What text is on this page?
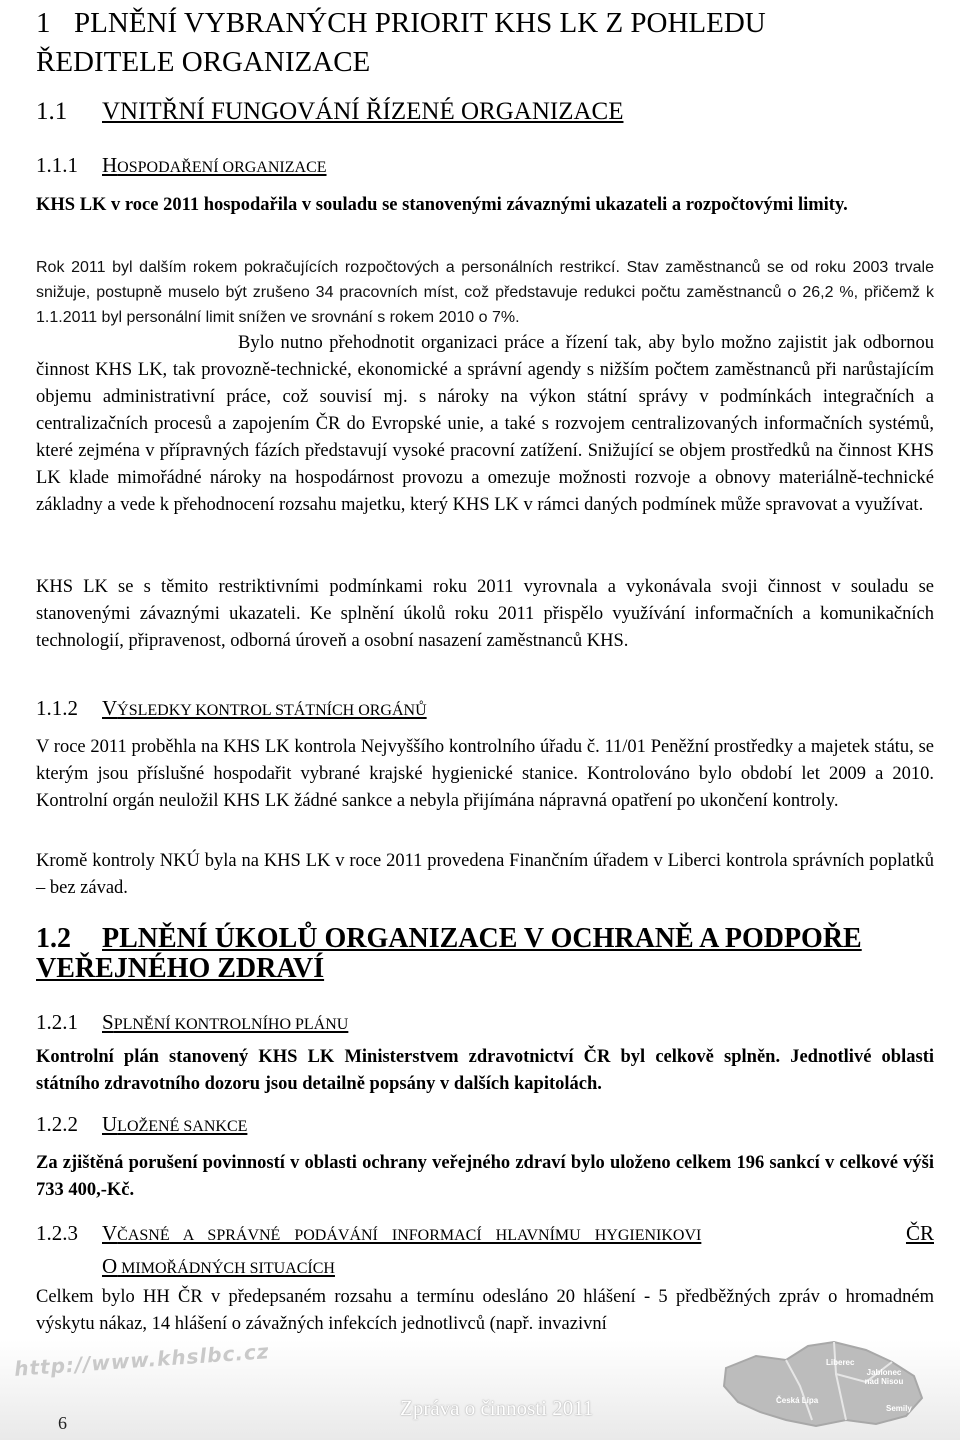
1 PLNĚNÍ VYBRANÝCH PRIORIT KHS LK Z POHLEDU
ŘEDITELE ORGANIZACE
1.1 VNITŘNÍ FUNGOVÁNÍ ŘÍZENÉ ORGANIZACE
1.1.1 HOSPODAŘENÍ ORGANIZACE

KHS LK v roce 2011 hospodařila v souladu se stanovenými závaznými ukazateli a rozpočtovými limity.

Rok 2011 byl dalším rokem pokračujících rozpočtových a personálních restrikcí. Stav zaměstnanců se od roku 2003 trvale snižuje, postupně muselo být zrušeno 34 pracovních míst, což představuje redukci počtu zaměstnanců o 26,2 %, přičemž k 1.1.2011 byl personální limit snížen ve srovnání s rokem 2010 o 7%.

Bylo nutno přehodnotit organizaci práce a řízení tak, aby bylo možno zajistit jak odbornou činnost KHS LK, tak provozně-technické, ekonomické a správní agendy s nižším počtem zaměstnanců při narůstajícím objemu administrativní práce, což souvisí mj. s nároky na výkon státní správy v podmínkách integračních a centralizačních procesů a zapojením ČR do Evropské unie, a také s rozvojem centralizovaných informačních systémů, které zejména v přípravných fázích představují vysoké pracovní zatížení. Snižující se objem prostředků na činnost KHS LK klade mimořádné nároky na hospodárnost provozu a omezuje možnosti rozvoje a obnovy materiálně-technické základny a vede k přehodnocení rozsahu majetku, který KHS LK v rámci daných podmínek může spravovat a využívat.

KHS LK se s těmito restriktivními podmínkami roku 2011 vyrovnala a vykonávala svoji činnost v souladu se stanovenými závaznými ukazateli. Ke splnění úkolů roku 2011 přispělo využívání informačních a komunikačních technologií, připravenost, odborná úroveň a osobní nasazení zaměstnanců KHS.

1.1.2 VÝSLEDKY KONTROL STÁTNÍCH ORGÁNŮ

V roce 2011 proběhla na KHS LK kontrola Nejvyššího kontrolního úřadu č. 11/01 Peněžní prostředky a majetek státu, se kterým jsou příslušné hospodařit vybrané krajské hygienické stanice. Kontrolováno bylo období let 2009 a 2010. Kontrolní orgán neuložil KHS LK žádné sankce a nebyla přijímána nápravná opatření po ukončení kontroly.

Kromě kontroly NKÚ byla na KHS LK v roce 2011 provedena Finančním úřadem v Liberci kontrola správních poplatků – bez závad.

1.2 PLNĚNÍ ÚKOLŮ ORGANIZACE V OCHRANĚ A PODPOŘE
VEŘEJNÉHO ZDRAVÍ
1.2.1 SPLNĚNÍ KONTROLNÍHO PLÁNU

Kontrolní plán stanovený KHS LK Ministerstvem zdravotnictví ČR byl celkově splněn. Jednotlivé oblasti státního zdravotního dozoru jsou detailně popsány v dalších kapitolách.

1.2.2 ULOŽENÉ SANKCE

Za zjištěná porušení povinností v oblasti ochrany veřejného zdraví bylo uloženo celkem 196 sankcí v celkové výši 733 400,-Kč.

1.2.3 VČASNÉ A SPRÁVNÉ PODÁVÁNÍ INFORMACÍ HLAVNÍMU HYGIENIKOVI	ČR
O MIMOŘÁDNÝCH SITUACÍCH

Celkem bylo HH ČR v předepsaném rozsahu a termínu odesláno 20 hlášení - 5 předběžných zpráv o hromadném výskytu nákaz, 14 hlášení o závažných infekcích jednotlivců (např. invazivní

http://www.khslbc.cz
6
Zpráva o činnosti 2011
Liberec
Jablonec nad Nisou
Česká Lípa
Semily
